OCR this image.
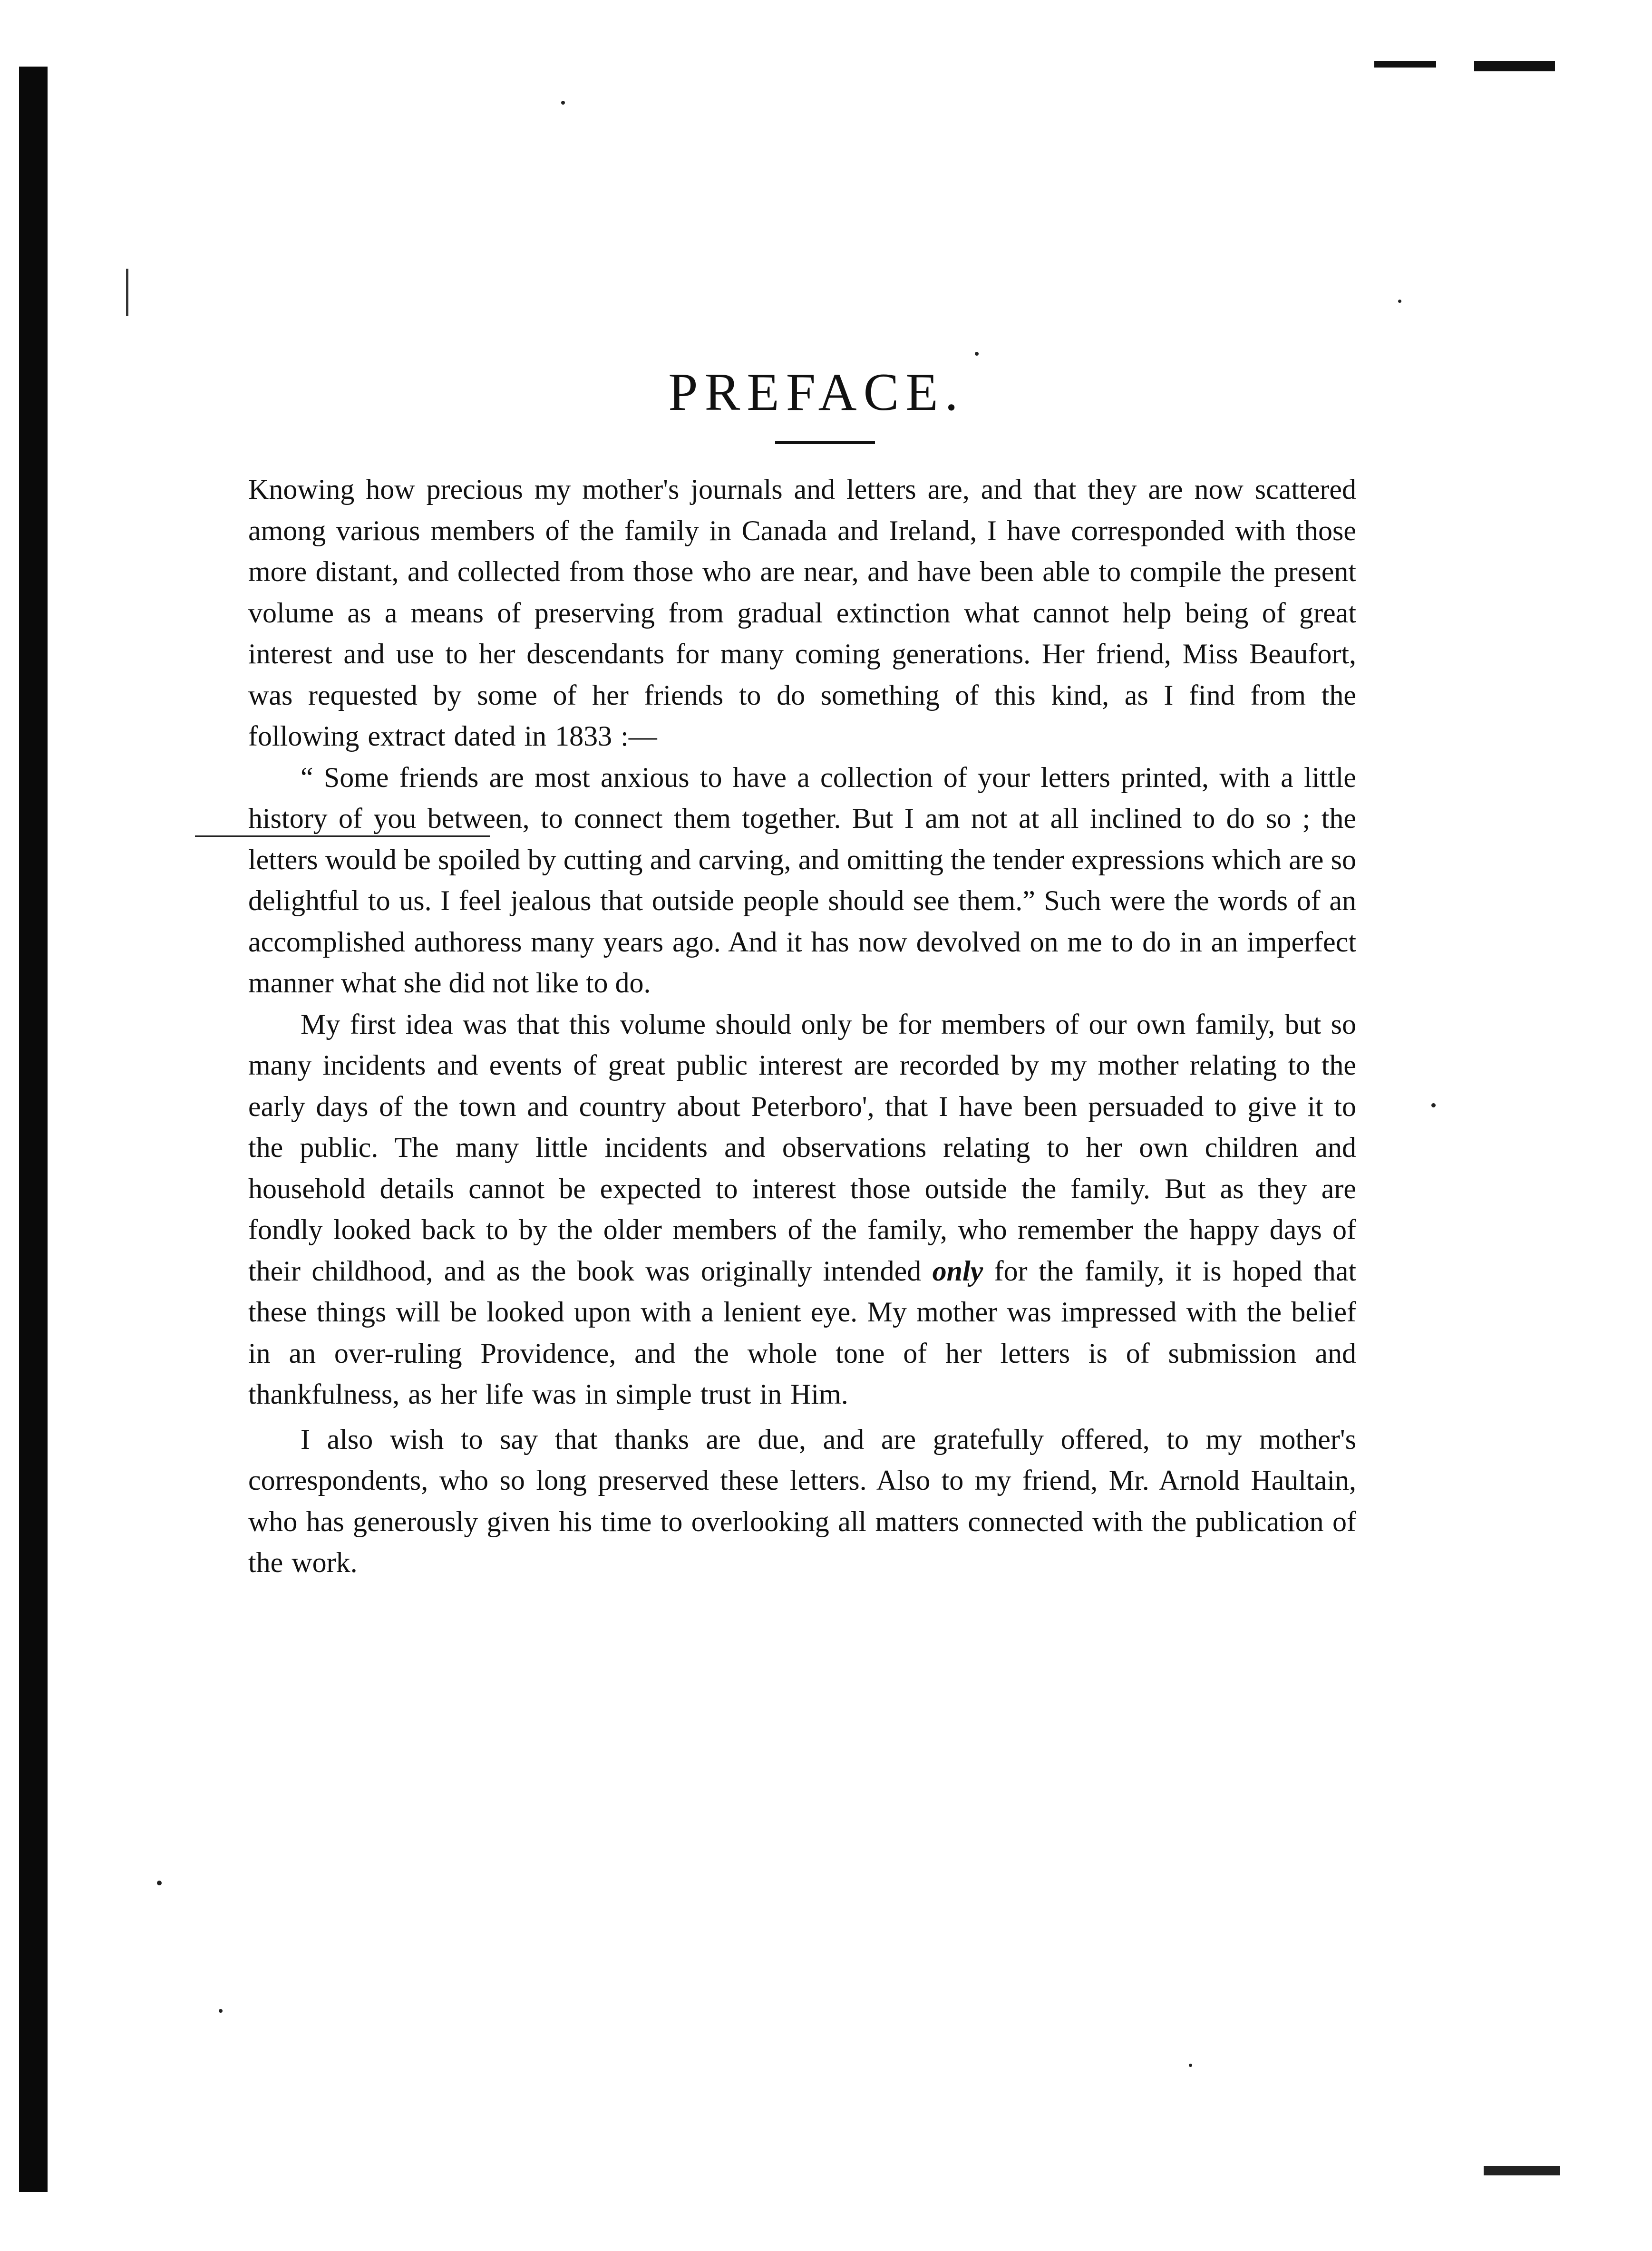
PREFACE.

Knowing how precious my mother's journals and letters are, and that they are now scattered among various members of the family in Canada and Ireland, I have corresponded with those more distant, and collected from those who are near, and have been able to compile the present volume as a means of preserving from gradual extinction what cannot help being of great interest and use to her descendants for many coming generations. Her friend, Miss Beaufort, was requested by some of her friends to do something of this kind, as I find from the following extract dated in 1833 :—

“ Some friends are most anxious to have a collection of your letters printed, with a little history of you between, to connect them together. But I am not at all inclined to do so ; the letters would be spoiled by cutting and carving, and omitting the tender expressions which are so delightful to us. I feel jealous that outside people should see them.” Such were the words of an accomplished authoress many years ago. And it has now devolved on me to do in an imperfect manner what she did not like to do.

My first idea was that this volume should only be for members of our own family, but so many incidents and events of great public interest are recorded by my mother relating to the early days of the town and country about Peterboro', that I have been persuaded to give it to the public. The many little incidents and observations relating to her own children and household details cannot be expected to interest those outside the family. But as they are fondly looked back to by the older members of the family, who remember the happy days of their childhood, and as the book was originally intended only for the family, it is hoped that these things will be looked upon with a lenient eye. My mother was impressed with the belief in an over-ruling Providence, and the whole tone of her letters is of submission and thankfulness, as her life was in simple trust in Him.

I also wish to say that thanks are due, and are gratefully offered, to my mother's correspondents, who so long preserved these letters. Also to my friend, Mr. Arnold Haultain, who has generously given his time to overlooking all matters connected with the publication of the work.
